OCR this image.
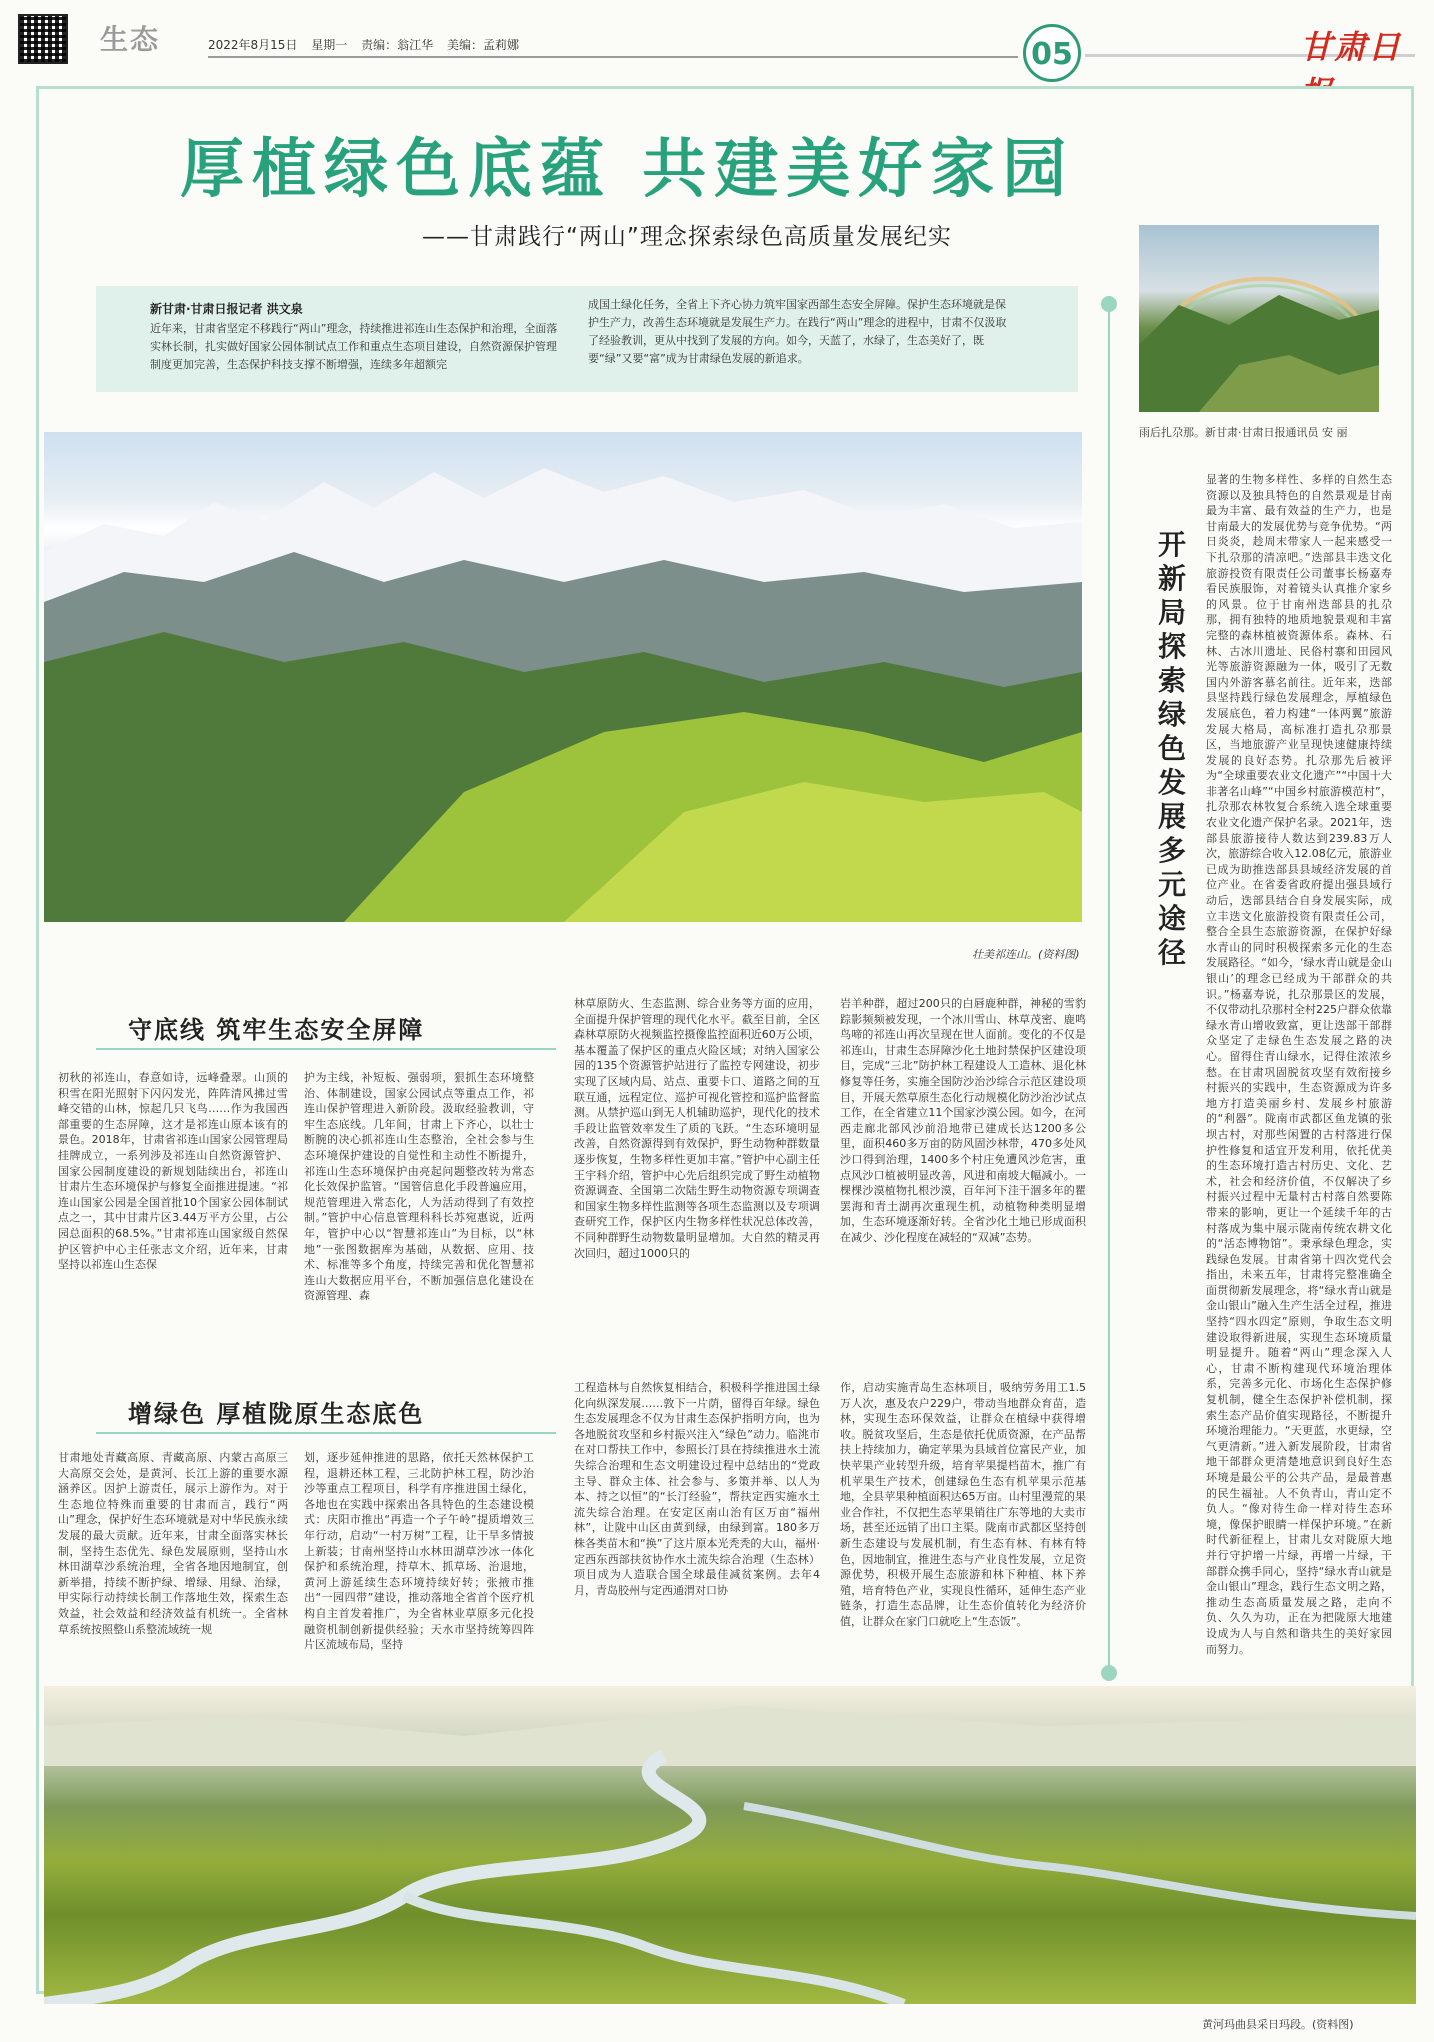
生态	2022年8月15日 星期一 责编：翁江华 美编：孟莉娜	05	甘肃日
厚植绿色底蕴 共建美好家园
——甘肃践行“两山”理念探索绿色高质量发展纪实
新甘肃·甘肃日报记者 洪文泉
近年来，甘肃省坚定不移践行“两山”理念，持续推进祁连山生态保护和治理，全面落实林长制，扎实做好国家公园体制试点工作和重点生态项目建设，自然资源保护管理制度更加完善，生态保护科技支撑不断增强，连续多年超额完
成国土绿化任务，全省上下齐心协力筑牢国家西部生态安全屏障。保护生态环境就是保护生产力，改善生态环境就是发展生产力。在践行“两山”理念的进程中，甘肃不仅汲取了经验教训，更从中找到了发展的方向。如今，天蓝了，水绿了，生态美好了，既要“绿”又要“富”成为甘肃绿色发展的新追求。
壮美祁连山。(资料图)
雨后扎尕那。新甘肃·甘肃日报通讯员 安 丽
开新局 探索绿色发展多元途径
显著的生物多样性、多样的自然生态资源以及独具特色的自然景观是甘南最为丰富、最有效益的生产力，也是甘南最大的发展优势与竞争优势。“两日炎炎，趁周末带家人一起来感受一下扎尕那的清凉吧。”迭部县丰迭文化旅游投资有限责任公司董事长杨嘉寿看民族服饰，对着镜头认真推介家乡的风景。位于甘南州迭部县的扎尕那，拥有独特的地质地貌景观和丰富完整的森林植被资源体系。森林、石林、古冰川遗址、民俗村寨和田园风光等旅游资源融为一体，吸引了无数国内外游客慕名前往。近年来，迭部县坚持践行绿色发展理念，厚植绿色发展底色，着力构建“一体两翼”旅游发展大格局，高标准打造扎尕那景区，当地旅游产业呈现快速健康持续发展的良好态势。扎尕那先后被评为“全球重要农业文化遗产”“中国十大非著名山峰”“中国乡村旅游模范村”，扎尕那农林牧复合系统入选全球重要农业文化遗产保护名录。2021年，迭部县旅游接待人数达到239.83万人次，旅游综合收入12.08亿元，旅游业已成为助推迭部县县域经济发展的首位产业。在省委省政府提出强县域行动后，迭部县结合自身发展实际，成立丰迭文化旅游投资有限责任公司，整合全县生态旅游资源，在保护好绿水青山的同时积极探索多元化的生态发展路径。“如今，‘绿水青山就是金山银山’的理念已经成为干部群众的共识。”杨嘉寿说，扎尕那景区的发展，不仅带动扎尕那村全村225户群众依靠绿水青山增收致富，更让迭部干部群众坚定了走绿色生态发展之路的决心。留得住青山绿水，记得住浓浓乡愁。在甘肃巩固脱贫攻坚有效衔接乡村振兴的实践中，生态资源成为许多地方打造美丽乡村、发展乡村旅游的“利器”。陇南市武都区鱼龙镇的张坝古村，对那些闲置的古村落进行保护性修复和适宜开发利用，依托优美的生态环境打造古村历史、文化、艺术，社会和经济价值，不仅解决了乡村振兴过程中无量村古村落自然要陈带来的影响，更让一个延续千年的古村落成为集中展示陇南传统农耕文化的“活态博物馆”。秉承绿色理念，实践绿色发展。甘肃省第十四次党代会指出，未来五年，甘肃将完整准确全面贯彻新发展理念，将“绿水青山就是金山银山”融入生产生活全过程，推进坚持“四水四定”原则，争取生态文明建设取得新进展，实现生态环境质量明显提升。随着“两山”理念深入人心，甘肃不断构建现代环境治理体系，完善多元化、市场化生态保护修复机制，健全生态保护补偿机制，探索生态产品价值实现路径，不断提升环境治理能力。“天更蓝，水更绿，空气更清新。”进入新发展阶段，甘肃省地干部群众更清楚地意识到良好生态环境是最公平的公共产品，是最普惠的民生福祉。人不负青山，青山定不负人。“像对待生命一样对待生态环境，像保护眼睛一样保护环境。”在新时代新征程上，甘肃儿女对陇原大地并行守护增一片绿，再增一片绿，干部群众携手同心，坚持“绿水青山就是金山银山”理念，践行生态文明之路，推动生态高质量发展之路，走向不负、久久为功，正在为把陇原大地建设成为人与自然和谐共生的美好家园而努力。
守底线 筑牢生态安全屏障
初秋的祁连山，春意如诗，远峰叠翠。山顶的积雪在阳光照射下闪闪发光，阵阵清风拂过雪峰交错的山林，惊起几只飞鸟……作为我国西部重要的生态屏障，这才是祁连山原本该有的景色。2018年，甘肃省祁连山国家公园管理局挂牌成立，一系列涉及祁连山自然资源管护、国家公园制度建设的新规划陆续出台，祁连山甘肃片生态环境保护与修复全面推进提速。“祁连山国家公园是全国首批10个国家公园体制试点之一，其中甘肃片区3.44万平方公里，占公园总面积的68.5%。”甘肃祁连山国家级自然保护区管护中心主任张志文介绍，近年来，甘肃坚持以祁连山生态保
护为主线，补短板、强弱项，狠抓生态环境整治、体制建设，国家公园试点等重点工作，祁连山保护管理进入新阶段。汲取经验教训，守牢生态底线。几年间，甘肃上下齐心，以壮士断腕的决心抓祁连山生态整治，全社会参与生态环境保护建设的自觉性和主动性不断提升，祁连山生态环境保护由亮起问题整改转为常态化长效保护监管。“国管信息化手段普遍应用，规范管理进入常态化，人为活动得到了有效控制。”管护中心信息管理科科长苏宛惠说，近两年，管护中心以“智慧祁连山”为目标，以“林地”一张图数据库为基础，从数据、应用、技术、标准等多个角度，持续完善和优化智慧祁连山大数据应用平台，不断加强信息化建设在资源管理、森
林草原防火、生态监测、综合业务等方面的应用，全面提升保护管理的现代化水平。截至目前，全区森林草原防火视频监控摄像监控面积近60万公顷，基本覆盖了保护区的重点火险区域；对纳入国家公园的135个资源管护站进行了监控专网建设，初步实现了区域内局、站点、重要卡口、道路之间的互联互通，远程定位、巡护可视化管控和巡护监督监测。从禁护巡山到无人机辅助巡护，现代化的技术手段让监管效率发生了质的飞跃。“生态环境明显改善，自然资源得到有效保护，野生动物种群数量逐步恢复，生物多样性更加丰富。”管护中心副主任王宇科介绍，管护中心先后组织完成了野生动植物资源调查、全国第二次陆生野生动物资源专项调查和国家生物多样性监测等各项生态监测以及专项调查研究工作，保护区内生物多样性状况总体改善，不同种群野生动物数量明显增加。大自然的精灵再次回归，超过1000只的
岩羊种群，超过200只的白唇鹿种群，神秘的雪豹踪影频频被发现，一个冰川雪山、林草茂密、鹿鸣鸟啼的祁连山再次呈现在世人面前。变化的不仅是祁连山，甘肃生态屏障沙化土地封禁保护区建设项目，完成“三北”防护林工程建设人工造林、退化林修复等任务，实施全国防沙治沙综合示范区建设项目，开展天然草原生态化行动规模化防沙治沙试点工作，在全省建立11个国家沙漠公园。如今，在河西走廊北部风沙前沿地带已建成长达1200多公里，面积460多万亩的防风固沙林带，470多处风沙口得到治理，1400多个村庄免遭风沙危害，重点风沙口植被明显改善，风进和南坡大幅减小。一棵棵沙漠植物扎根沙漠，百年河下洼干涸多年的瞿罢海和青土湖再次重现生机，动植物种类明显增加，生态环境逐渐好转。全省沙化土地已形成面积在减少、沙化程度在减轻的“双减”态势。
增绿色 厚植陇原生态底色
甘肃地处青藏高原、青藏高原、内蒙古高原三大高原交会处，是黄河、长江上游的重要水源涵养区。因护上游责任，展示上游作为。对于生态地位特殊而重要的甘肃而言，践行“两山”理念，保护好生态环境就是对中华民族永续发展的最大贡献。近年来，甘肃全面落实林长制，坚持生态优先、绿色发展原则，坚持山水林田湖草沙系统治理，全省各地因地制宜，创新举措，持续不断护绿、增绿、用绿、治绿，甲实际行动持续长制工作落地生效，探索生态效益，社会效益和经济效益有机统一。全省林草系统按照整山系整流域统一规
划，逐步延伸推进的思路，依托天然林保护工程，退耕还林工程，三北防护林工程，防沙治沙等重点工程项目，科学有序推进国土绿化，各地也在实践中探索出各具特色的生态建设模式：庆阳市推出“再造一个子午岭”提质增效三年行动，启动“一村万树”工程，让干旱多情披上新装；甘南州坚持山水林田湖草沙冰一体化保护和系统治理，持草木、抓草场、治退地，黄河上游延续生态环境持续好转；张掖市推出“一园四带”建设，推动落地全省首个医疗机构自主首发着推广，为全省林业草原多元化投融资机制创新提供经验；天水市坚持统筹四阵片区流域布局，坚持
工程造林与自然恢复相结合，积极科学推进国土绿化向纵深发展……敦下一片荫，留得百年绿。绿色生态发展理念不仅为甘肃生态保护指明方向，也为各地脱贫攻坚和乡村振兴注入“绿色”动力。临洮市在对口帮扶工作中，参照长汀县在持续推进水土流失综合治理和生态文明建设过程中总结出的“党政主导、群众主体、社会参与、多策并举、以人为本、持之以恒”的“长汀经验”，帮扶定西实施水土流失综合治理。在安定区南山治有区万亩“福州林”，让陇中山区由黄到绿，由绿到富。180多万株各类苗木和“换”了这片原本光秃秃的大山，福州·定西东西部扶贫协作水土流失综合治理（生态林）项目成为人造联合国全球最佳减贫案例。去年4月，青岛胶州与定西通渭对口协
作，启动实施青岛生态林项目，吸纳劳务用工1.5万人次，惠及农户229户，带动当地群众育苗，造林，实现生态环保效益，让群众在植绿中获得增收。脱贫攻坚后，生态是依托优质资源，在产品帮扶上持续加力，确定苹果为县域首位富民产业，加快苹果产业转型升级，培育苹果提档苗木，推广有机苹果生产技术，创建绿色生态有机苹果示范基地，全县苹果种植面积达65万亩。山村里漫荒的果业合作社，不仅把生态苹果销往广东等地的大卖市场，甚至还远销了出口主渠。陇南市武都区坚持创新生态建设与发展机制，有生态有林、有林有特色，因地制宜，推进生态与产业良性发展，立足资源优势，积极开展生态旅游和林下种植、林下养殖，培育特色产业，实现良性循环，延伸生态产业链条，打造生态品牌，让生态价值转化为经济价值，让群众在家门口就吃上“生态饭”。
黄河玛曲县采日玛段。(资料图)
